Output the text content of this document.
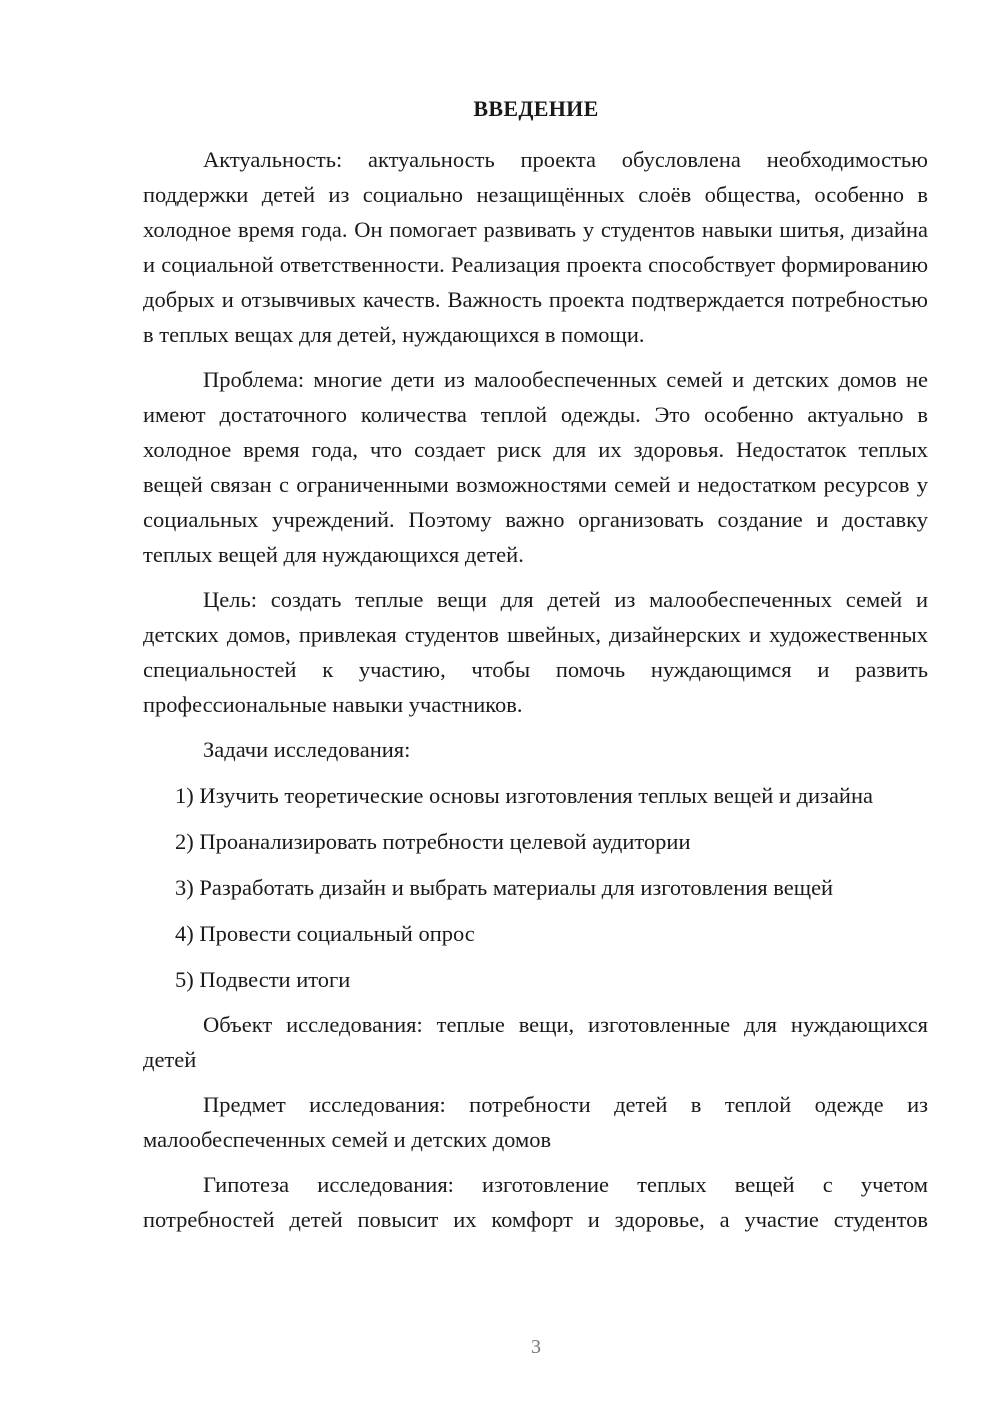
ВВЕДЕНИЕ

Актуальность: актуальность проекта обусловлена необходимостью поддержки детей из социально незащищённых слоёв общества, особенно в холодное время года. Он помогает развивать у студентов навыки шитья, дизайна и социальной ответственности. Реализация проекта способствует формированию добрых и отзывчивых качеств. Важность проекта подтверждается потребностью в теплых вещах для детей, нуждающихся в помощи.

Проблема: многие дети из малообеспеченных семей и детских домов не имеют достаточного количества теплой одежды. Это особенно актуально в холодное время года, что создает риск для их здоровья. Недостаток теплых вещей связан с ограниченными возможностями семей и недостатком ресурсов у социальных учреждений. Поэтому важно организовать создание и доставку теплых вещей для нуждающихся детей.

Цель: создать теплые вещи для детей из малообеспеченных семей и детских домов, привлекая студентов швейных, дизайнерских и художественных специальностей к участию, чтобы помочь нуждающимся и развить профессиональные навыки участников.

Задачи исследования:

1) Изучить теоретические основы изготовления теплых вещей и дизайна

2) Проанализировать потребности целевой аудитории

3) Разработать дизайн и выбрать материалы для изготовления вещей

4) Провести социальный опрос

5) Подвести итоги

Объект исследования: теплые вещи, изготовленные для нуждающихся детей

Предмет исследования: потребности детей в теплой одежде из малообеспеченных семей и детских домов

Гипотеза исследования: изготовление теплых вещей с учетом потребностей детей повысит их комфорт и здоровье, а участие студентов

3
